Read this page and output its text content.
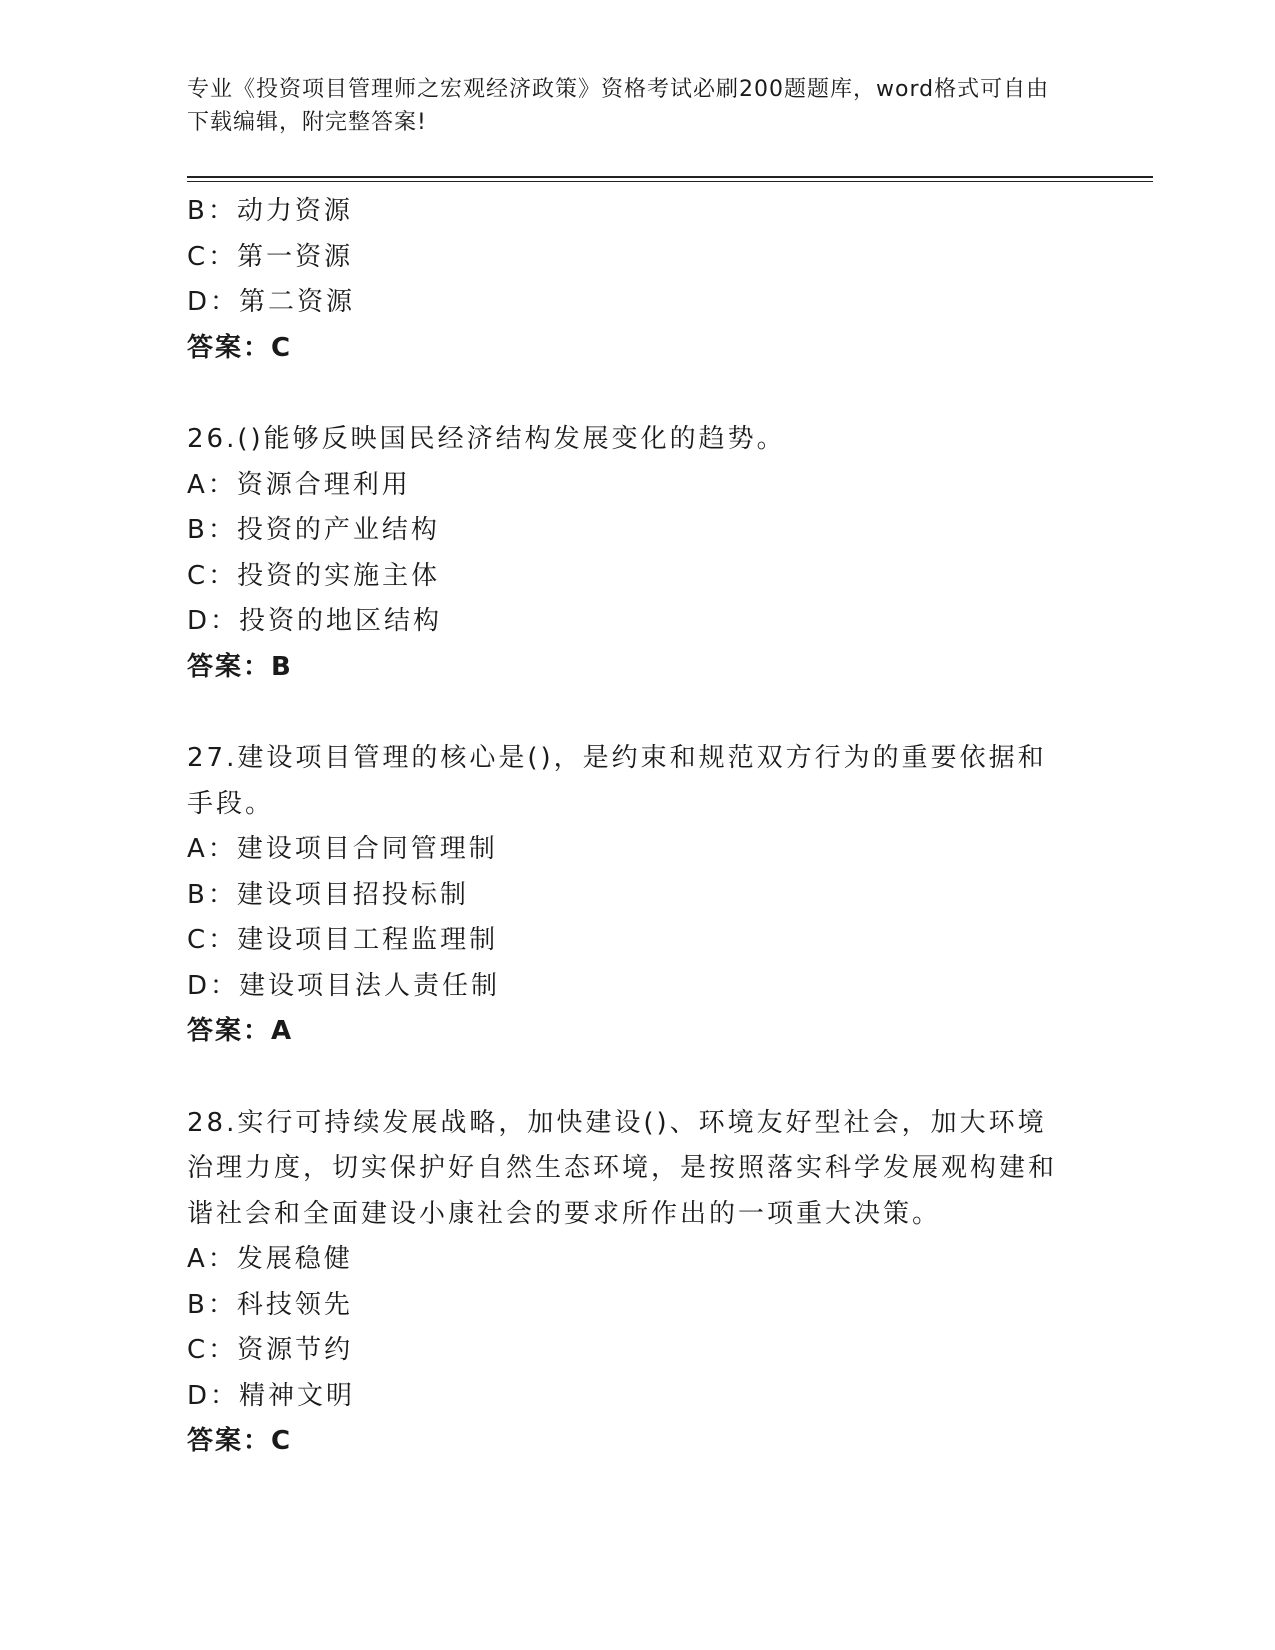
专业《投资项目管理师之宏观经济政策》资格考试必刷200题题库，word格式可自由下载编辑，附完整答案!
B：动力资源
C：第一资源
D：第二资源
答案：C
26.()能够反映国民经济结构发展变化的趋势。
A：资源合理利用
B：投资的产业结构
C：投资的实施主体
D：投资的地区结构
答案：B
27.建设项目管理的核心是()，是约束和规范双方行为的重要依据和手段。
A：建设项目合同管理制
B：建设项目招投标制
C：建设项目工程监理制
D：建设项目法人责任制
答案：A
28.实行可持续发展战略，加快建设()、环境友好型社会，加大环境治理力度，切实保护好自然生态环境，是按照落实科学发展观构建和谐社会和全面建设小康社会的要求所作出的一项重大决策。
A：发展稳健
B：科技领先
C：资源节约
D：精神文明
答案：C
